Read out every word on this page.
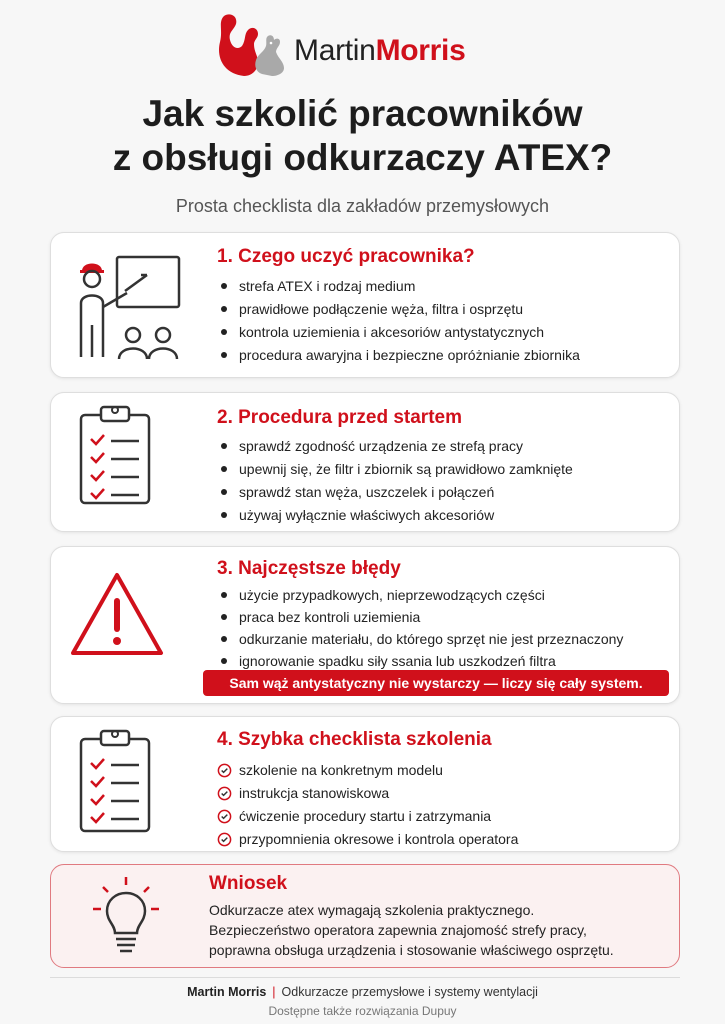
MartinMorris
Jak szkolić pracowników
z obsługi odkurzaczy ATEX?
Prosta checklista dla zakładów przemysłowych
1. Czego uczyć pracownika?
strefa ATEX i rodzaj medium
prawidłowe podłączenie węża, filtra i osprzętu
kontrola uziemienia i akcesoriów antystatycznych
procedura awaryjna i bezpieczne opróżnianie zbiornika
2. Procedura przed startem
sprawdź zgodność urządzenia ze strefą pracy
upewnij się, że filtr i zbiornik są prawidłowo zamknięte
sprawdź stan węża, uszczelek i połączeń
używaj wyłącznie właściwych akcesoriów
3. Najczęstsze błędy
użycie przypadkowych, nieprzewodzących części
praca bez kontroli uziemienia
odkurzanie materiału, do którego sprzęt nie jest przeznaczony
ignorowanie spadku siły ssania lub uszkodzeń filtra
Sam wąż antystatyczny nie wystarczy — liczy się cały system.
4. Szybka checklista szkolenia
szkolenie na konkretnym modelu
instrukcja stanowiskowa
ćwiczenie procedury startu i zatrzymania
przypomnienia okresowe i kontrola operatora
Wniosek
Odkurzacze atex wymagają szkolenia praktycznego.
Bezpieczeństwo operatora zapewnia znajomość strefy pracy,
poprawna obsługa urządzenia i stosowanie właściwego osprzętu.
Martin Morris | Odkurzacze przemysłowe i systemy wentylacji
Dostępne także rozwiązania Dupuy
